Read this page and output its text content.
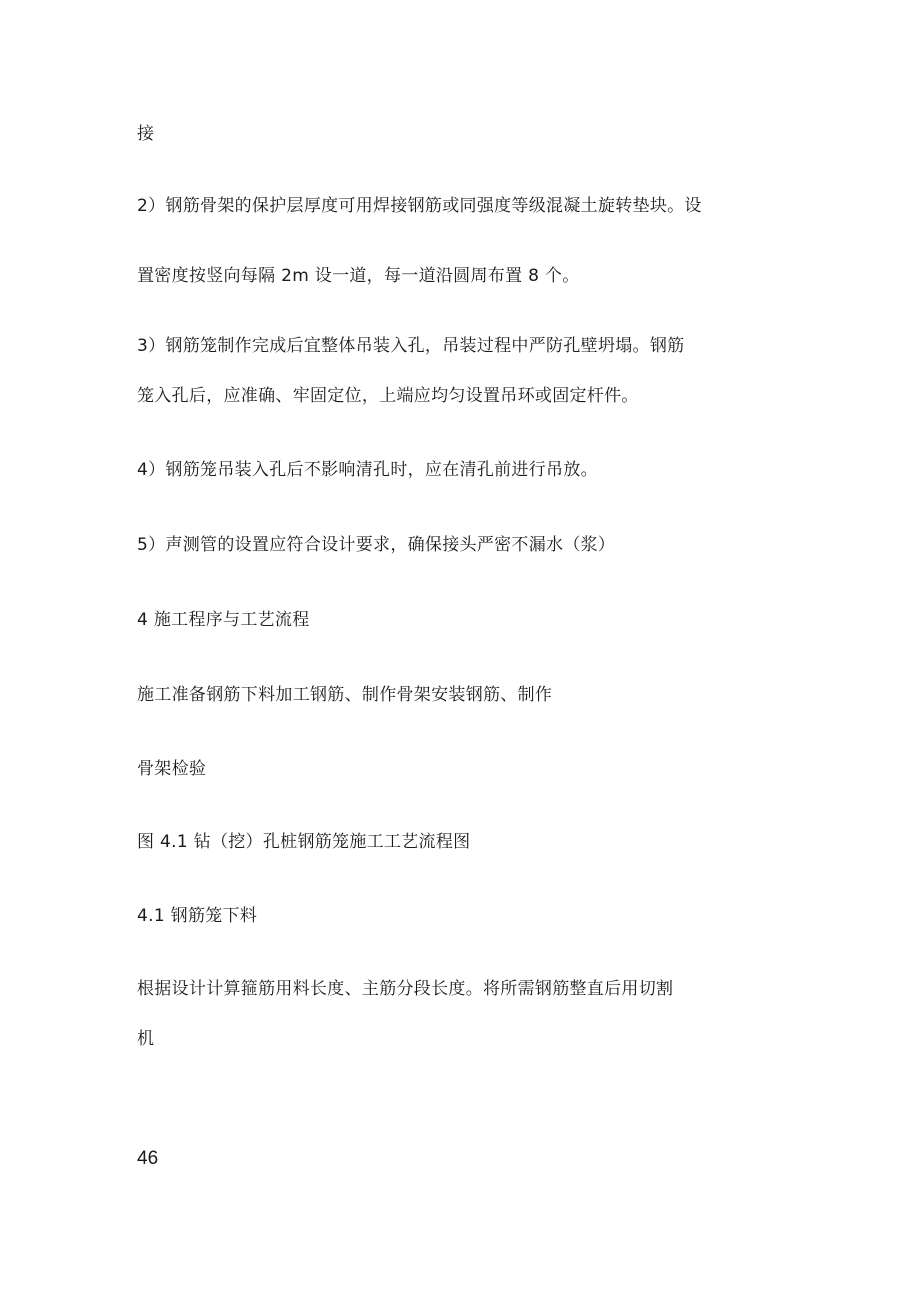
接
2）钢筋骨架的保护层厚度可用焊接钢筋或同强度等级混凝土旋转垫块。设
置密度按竖向每隔 2m 设一道，每一道沿圆周布置 8 个。
3）钢筋笼制作完成后宜整体吊装入孔，吊装过程中严防孔壁坍塌。钢筋
笼入孔后，应准确、牢固定位，上端应均匀设置吊环或固定杆件。
4）钢筋笼吊装入孔后不影响清孔时，应在清孔前进行吊放。
5）声测管的设置应符合设计要求，确保接头严密不漏水（浆）
4 施工程序与工艺流程
施工准备钢筋下料加工钢筋、制作骨架安装钢筋、制作
骨架检验
图 4.1 钻（挖）孔桩钢筋笼施工工艺流程图
4.1 钢筋笼下料
根据设计计算箍筋用料长度、主筋分段长度。将所需钢筋整直后用切割
机
46
